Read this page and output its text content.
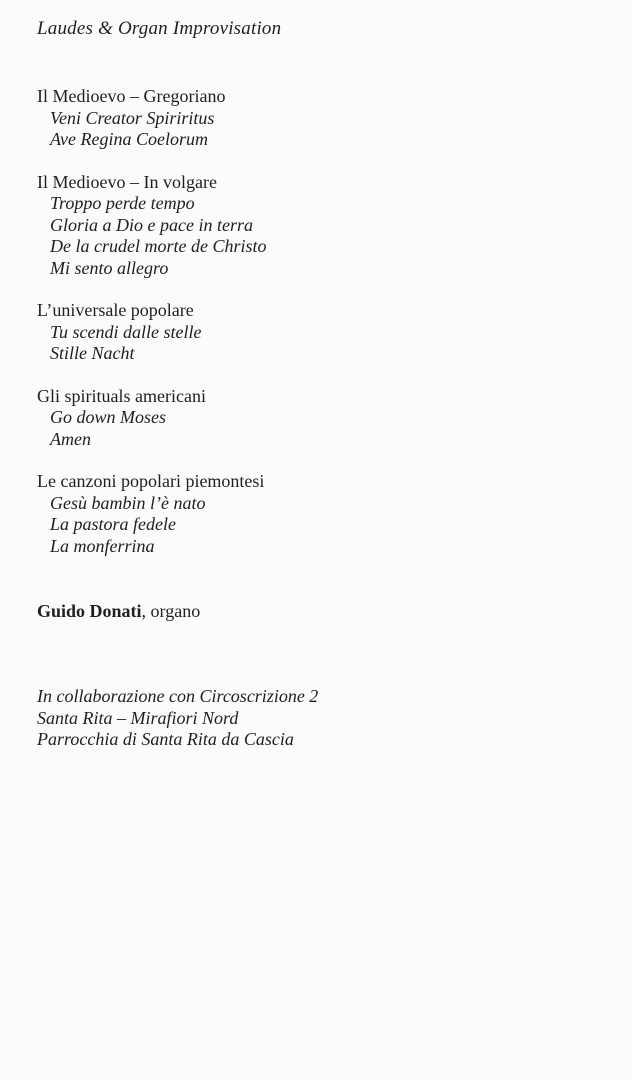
Laudes & Organ Improvisation
Il Medioevo – Gregoriano
Veni Creator Spiriritus
Ave Regina Coelorum
Il Medioevo – In volgare
Troppo perde tempo
Gloria a Dio e pace in terra
De la crudel morte de Christo
Mi sento allegro
L’universale popolare
Tu scendi dalle stelle
Stille Nacht
Gli spirituals americani
Go down Moses
Amen
Le canzoni popolari piemontesi
Gesù bambin l’è nato
La pastora fedele
La monferrina
Guido Donati, organo
In collaborazione con Circoscrizione 2
Santa Rita – Mirafiori Nord
Parrocchia di Santa Rita da Cascia
